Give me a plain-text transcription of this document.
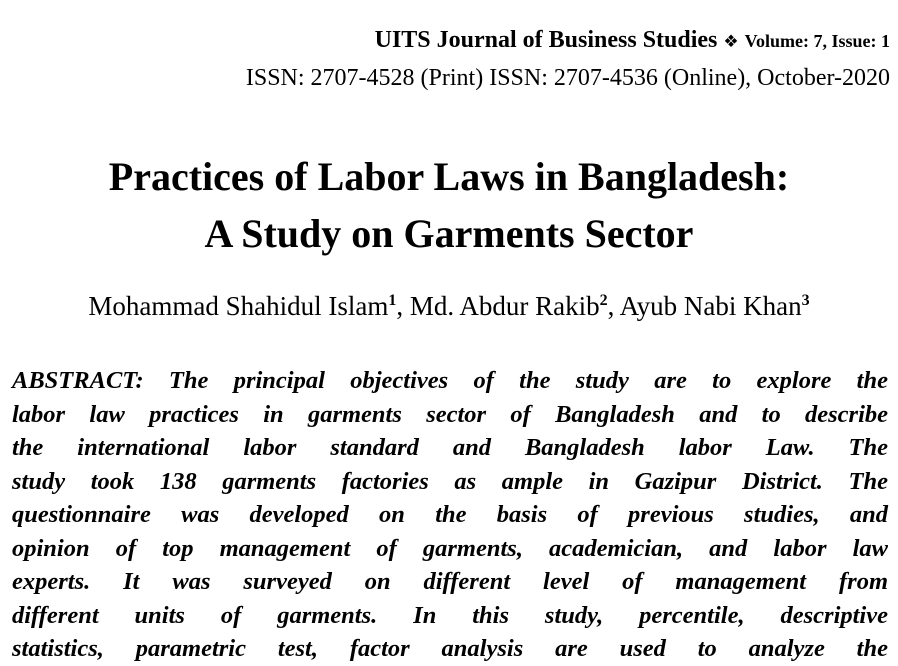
UITS Journal of Business Studies ❖ Volume: 7, Issue: 1
ISSN: 2707-4528 (Print) ISSN: 2707-4536 (Online), October-2020
Practices of Labor Laws in Bangladesh:
A Study on Garments Sector
Mohammad Shahidul Islam$^1$, Md. Abdur Rakib$^2$, Ayub Nabi Khan$^3$
ABSTRACT: The principal objectives of the study are to explore the
labor law practices in garments sector of Bangladesh and to describe
the international labor standard and Bangladesh labor Law. The
study took 138 garments factories as ample in Gazipur District. The
questionnaire was developed on the basis of previous studies, and
opinion of top management of garments, academician, and labor law
experts. It was surveyed on different level of management from
different units of garments. In this study, percentile, descriptive
statistics, parametric test, factor analysis are used to analyze the
